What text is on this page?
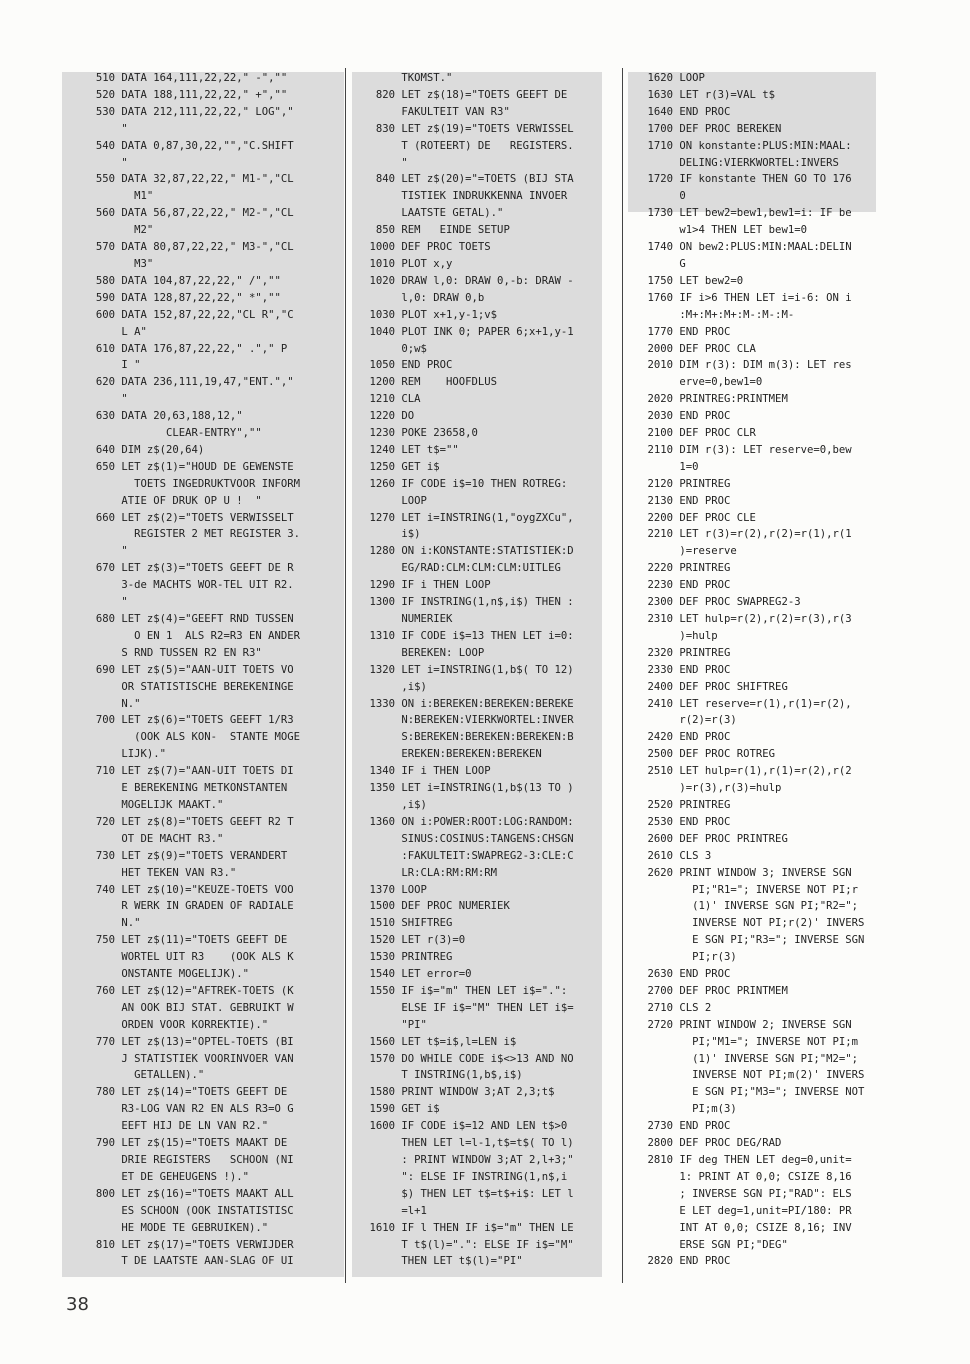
510
DATA 164,111,22,22," -",""
520
DATA 188,111,22,22," +",""
530
DATA 212,111,22,22," LOG","

"
540
DATA 0,87,30,22,"","C.SHIFT

"
550
DATA 32,87,22,22," M1-","CL

M1"
560
DATA 56,87,22,22," M2-","CL

M2"
570
DATA 80,87,22,22," M3-","CL

M3"
580
DATA 104,87,22,22," /",""
590
DATA 128,87,22,22," *",""
600
DATA 152,87,22,22,"CL R","C

L A"
610
DATA 176,87,22,22," ."," P

I "
620
DATA 236,111,19,47,"ENT.","

"
630
DATA 20,63,188,12,"

CLEAR-ENTRY",""
640
DIM z$(20,64)
650
LET z$(1)="HOUD DE GEWENSTE

TOETS INGEDRUKTVOOR INFORM

ATIE OF DRUK OP U !  "
660
LET z$(2)="TOETS VERWISSELT

REGISTER 2 MET REGISTER 3.

"
670
LET z$(3)="TOETS GEEFT DE R

3-de MACHTS WOR-TEL UIT R2.

"
680
LET z$(4)="GEEFT RND TUSSEN

O EN 1  ALS R2=R3 EN ANDER

S RND TUSSEN R2 EN R3"
690
LET z$(5)="AAN-UIT TOETS VO

OR STATISTISCHE BEREKENINGE

N."
700
LET z$(6)="TOETS GEEFT 1/R3

(OOK ALS KON-  STANTE MOGE

LIJK)."
710
LET z$(7)="AAN-UIT TOETS DI

E BEREKENING METKONSTANTEN

MOGELIJK MAAKT."
720
LET z$(8)="TOETS GEEFT R2 T

OT DE MACHT R3."
730
LET z$(9)="TOETS VERANDERT

HET TEKEN VAN R3."
740
LET z$(10)="KEUZE-TOETS VOO

R WERK IN GRADEN OF RADIALE

N."
750
LET z$(11)="TOETS GEEFT DE

WORTEL UIT R3    (OOK ALS K

ONSTANTE MOGELIJK)."
760
LET z$(12)="AFTREK-TOETS (K

AN OOK BIJ STAT. GEBRUIKT W

ORDEN VOOR KORREKTIE)."
770
LET z$(13)="OPTEL-TOETS (BI

J STATISTIEK VOORINVOER VAN

GETALLEN)."
780
LET z$(14)="TOETS GEEFT DE

R3-LOG VAN R2 EN ALS R3=O G

EEFT HIJ DE LN VAN R2."
790
LET z$(15)="TOETS MAAKT DE

DRIE REGISTERS   SCHOON (NI

ET DE GEHEUGENS !)."
800
LET z$(16)="TOETS MAAKT ALL

ES SCHOON (OOK INSTATISTISC

HE MODE TE GEBRUIKEN)."
810
LET z$(17)="TOETS VERWIJDER

T DE LAATSTE AAN-SLAG OF UI

TKOMST."
820
LET z$(18)="TOETS GEEFT DE

FAKULTEIT VAN R3"
830
LET z$(19)="TOETS VERWISSEL

T (ROTEERT) DE   REGISTERS.

"
840
LET z$(20)="=TOETS (BIJ STA

TISTIEK INDRUKKENNA INVOER

LAATSTE GETAL)."
850
REM   EINDE SETUP
1000
DEF PROC TOETS
1010
PLOT x,y
1020
DRAW l,0: DRAW 0,-b: DRAW -

l,0: DRAW 0,b
1030
PLOT x+1,y-1;v$
1040
PLOT INK 0; PAPER 6;x+1,y-1

0;w$
1050
END PROC
1200
REM    HOOFDLUS
1210
CLA
1220
DO
1230
POKE 23658,0
1240
LET t$=""
1250
GET i$
1260
IF CODE i$=10 THEN ROTREG:

LOOP
1270
LET i=INSTRING(1,"oygZXCu",

i$)
1280
ON i:KONSTANTE:STATISTIEK:D

EG/RAD:CLM:CLM:CLM:UITLEG
1290
IF i THEN LOOP
1300
IF INSTRING(1,n$,i$) THEN :

NUMERIEK
1310
IF CODE i$=13 THEN LET i=0:

BEREKEN: LOOP
1320
LET i=INSTRING(1,b$( TO 12)

,i$)
1330
ON i:BEREKEN:BEREKEN:BEREKE

N:BEREKEN:VIERKWORTEL:INVER

S:BEREKEN:BEREKEN:BEREKEN:B

EREKEN:BEREKEN:BEREKEN
1340
IF i THEN LOOP
1350
LET i=INSTRING(1,b$(13 TO )

,i$)
1360
ON i:POWER:ROOT:LOG:RANDOM:

SINUS:COSINUS:TANGENS:CHSGN

:FAKULTEIT:SWAPREG2-3:CLE:C

LR:CLA:RM:RM:RM
1370
LOOP
1500
DEF PROC NUMERIEK
1510
SHIFTREG
1520
LET r(3)=0
1530
PRINTREG
1540
LET error=0
1550
IF i$="m" THEN LET i$=".":

ELSE IF i$="M" THEN LET i$=

"PI"
1560
LET t$=i$,l=LEN i$
1570
DO WHILE CODE i$<>13 AND NO

T INSTRING(1,b$,i$)
1580
PRINT WINDOW 3;AT 2,3;t$
1590
GET i$
1600
IF CODE i$=12 AND LEN t$>0

THEN LET l=l-1,t$=t$( TO l)

: PRINT WINDOW 3;AT 2,l+3;"

": ELSE IF INSTRING(1,n$,i

$) THEN LET t$=t$+i$: LET l

=l+1
1610
IF l THEN IF i$="m" THEN LE

T t$(l)=".": ELSE IF i$="M"

THEN LET t$(l)="PI"
1620
LOOP
1630
LET r(3)=VAL t$
1640
END PROC
1700
DEF PROC BEREKEN
1710
ON konstante:PLUS:MIN:MAAL:

DELING:VIERKWORTEL:INVERS
1720
IF konstante THEN GO TO 176

0
1730
LET bew2=bew1,bew1=i: IF be

w1>4 THEN LET bew1=0
1740
ON bew2:PLUS:MIN:MAAL:DELIN

G
1750
LET bew2=0
1760
IF i>6 THEN LET i=i-6: ON i

:M+:M+:M+:M-:M-:M-
1770
END PROC
2000
DEF PROC CLA
2010
DIM r(3): DIM m(3): LET res

erve=0,bew1=0
2020
PRINTREG:PRINTMEM
2030
END PROC
2100
DEF PROC CLR
2110
DIM r(3): LET reserve=0,bew

1=0
2120
PRINTREG
2130
END PROC
2200
DEF PROC CLE
2210
LET r(3)=r(2),r(2)=r(1),r(1

)=reserve
2220
PRINTREG
2230
END PROC
2300
DEF PROC SWAPREG2-3
2310
LET hulp=r(2),r(2)=r(3),r(3

)=hulp
2320
PRINTREG
2330
END PROC
2400
DEF PROC SHIFTREG
2410
LET reserve=r(1),r(1)=r(2),

r(2)=r(3)
2420
END PROC
2500
DEF PROC ROTREG
2510
LET hulp=r(1),r(1)=r(2),r(2

)=r(3),r(3)=hulp
2520
PRINTREG
2530
END PROC
2600
DEF PROC PRINTREG
2610
CLS 3
2620
PRINT WINDOW 3; INVERSE SGN

PI;"R1="; INVERSE NOT PI;r

(1)' INVERSE SGN PI;"R2=";

INVERSE NOT PI;r(2)' INVERS

E SGN PI;"R3="; INVERSE SGN

PI;r(3)
2630
END PROC
2700
DEF PROC PRINTMEM
2710
CLS 2
2720
PRINT WINDOW 2; INVERSE SGN

PI;"M1="; INVERSE NOT PI;m

(1)' INVERSE SGN PI;"M2=";

INVERSE NOT PI;m(2)' INVERS

E SGN PI;"M3="; INVERSE NOT

PI;m(3)
2730
END PROC
2800
DEF PROC DEG/RAD
2810
IF deg THEN LET deg=0,unit=

1: PRINT AT 0,0; CSIZE 8,16

; INVERSE SGN PI;"RAD": ELS

E LET deg=1,unit=PI/180: PR

INT AT 0,0; CSIZE 8,16; INV

ERSE SGN PI;"DEG"
2820
END PROC
38
